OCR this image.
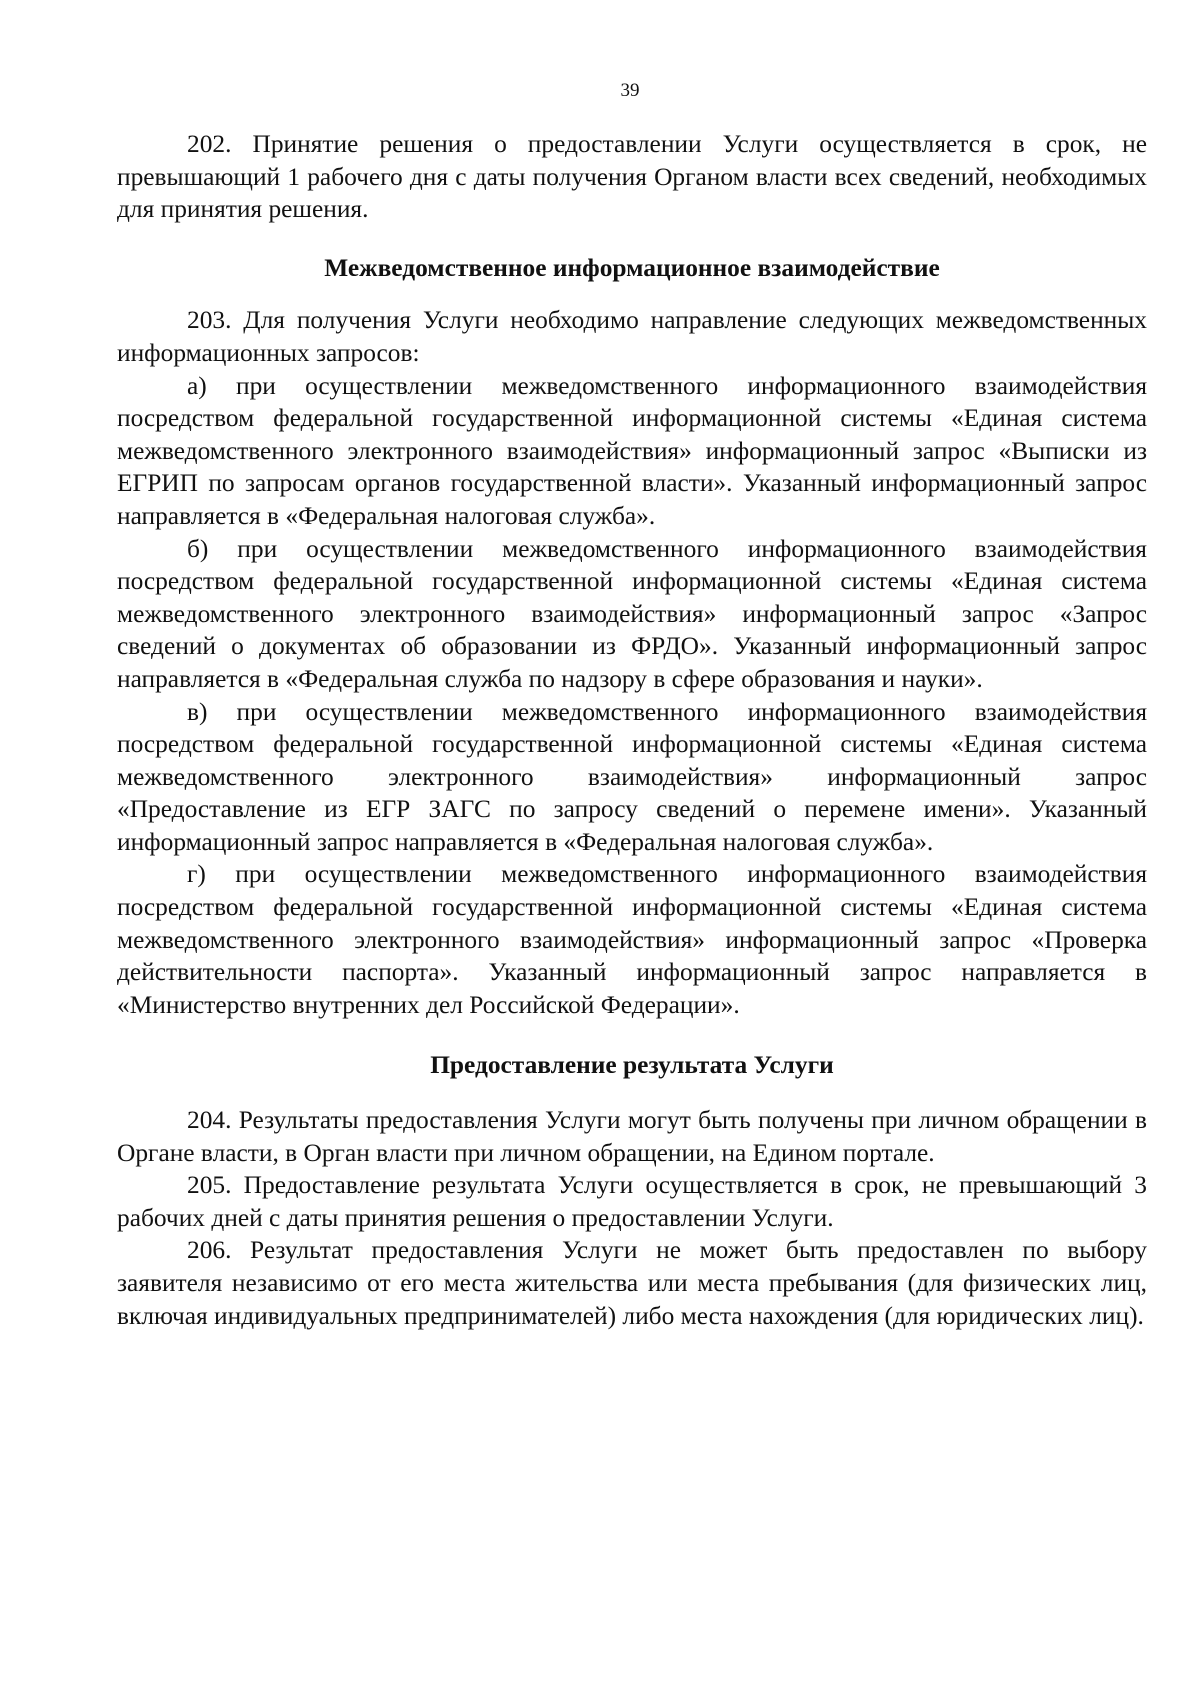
39

202. Принятие решения о предоставлении Услуги осуществляется в срок, не превышающий 1 рабочего дня с даты получения Органом власти всех сведений, необходимых для принятия решения.

Межведомственное информационное взаимодействие

203. Для получения Услуги необходимо направление следующих межведомственных информационных запросов:

а) при осуществлении межведомственного информационного взаимодействия посредством федеральной государственной информационной системы «Единая система межведомственного электронного взаимодействия» информационный запрос «Выписки из ЕГРИП по запросам органов государственной власти». Указанный информационный запрос направляется в «Федеральная налоговая служба».

б) при осуществлении межведомственного информационного взаимодействия посредством федеральной государственной информационной системы «Единая система межведомственного электронного взаимодействия» информационный запрос «Запрос сведений о документах об образовании из ФРДО». Указанный информационный запрос направляется в «Федеральная служба по надзору в сфере образования и науки».

в) при осуществлении межведомственного информационного взаимодействия посредством федеральной государственной информационной системы «Единая система межведомственного электронного взаимодействия» информационный запрос «Предоставление из ЕГР ЗАГС по запросу сведений о перемене имени». Указанный информационный запрос направляется в «Федеральная налоговая служба».

г) при осуществлении межведомственного информационного взаимодействия посредством федеральной государственной информационной системы «Единая система межведомственного электронного взаимодействия» информационный запрос «Проверка действительности паспорта». Указанный информационный запрос направляется в «Министерство внутренних дел Российской Федерации».

Предоставление результата Услуги

204. Результаты предоставления Услуги могут быть получены при личном обращении в Органе власти, в Орган власти при личном обращении, на Едином портале.

205. Предоставление результата Услуги осуществляется в срок, не превышающий 3 рабочих дней с даты принятия решения о предоставлении Услуги.

206. Результат предоставления Услуги не может быть предоставлен по выбору заявителя независимо от его места жительства или места пребывания (для физических лиц, включая индивидуальных предпринимателей) либо места нахождения (для юридических лиц).
